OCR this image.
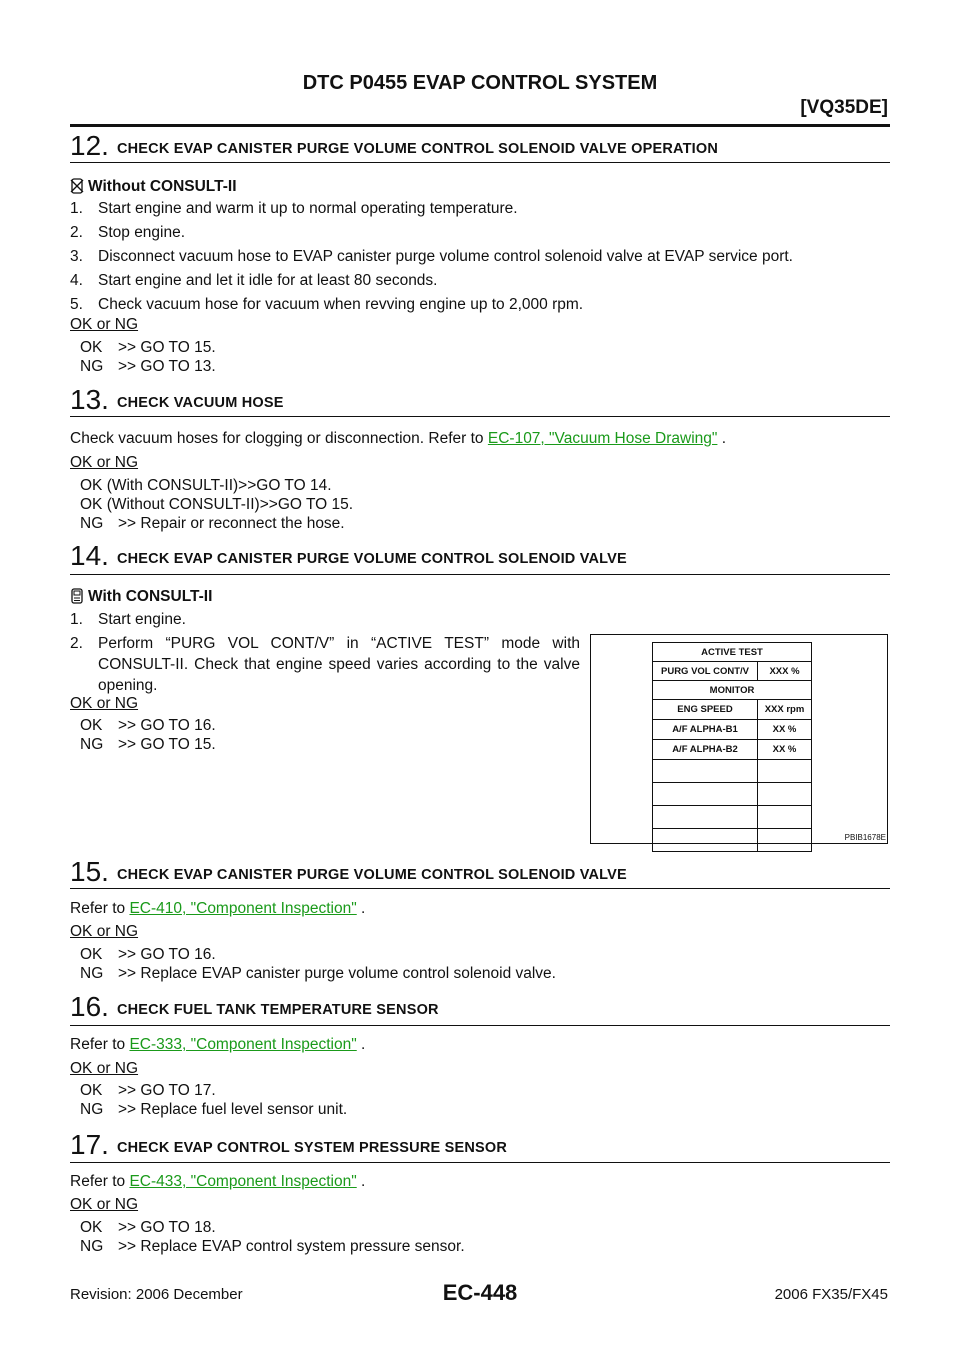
DTC P0455 EVAP CONTROL SYSTEM
[VQ35DE]
12. CHECK EVAP CANISTER PURGE VOLUME CONTROL SOLENOID VALVE OPERATION
Without CONSULT-II
1. Start engine and warm it up to normal operating temperature.
2. Stop engine.
3. Disconnect vacuum hose to EVAP canister purge volume control solenoid valve at EVAP service port.
4. Start engine and let it idle for at least 80 seconds.
5. Check vacuum hose for vacuum when revving engine up to 2,000 rpm.
OK or NG
OK >> GO TO 15.
NG >> GO TO 13.
13. CHECK VACUUM HOSE
Check vacuum hoses for clogging or disconnection. Refer to EC-107, "Vacuum Hose Drawing" .
OK or NG
OK (With CONSULT-II)>>GO TO 14.
OK (Without CONSULT-II)>>GO TO 15.
NG >> Repair or reconnect the hose.
14. CHECK EVAP CANISTER PURGE VOLUME CONTROL SOLENOID VALVE
With CONSULT-II
1. Start engine.
2. Perform “PURG VOL CONT/V” in “ACTIVE TEST” mode with CONSULT-II. Check that engine speed varies according to the valve opening.
OK or NG
OK >> GO TO 16.
NG >> GO TO 15.
ACTIVE TEST	
PURG VOL CONT/V	XXX %
MONITOR	
ENG SPEED	XXX rpm
A/F ALPHA-B1	XX %
A/F ALPHA-B2	XX %

PBIB1678E
15. CHECK EVAP CANISTER PURGE VOLUME CONTROL SOLENOID VALVE
Refer to EC-410, "Component Inspection" .
OK or NG
OK >> GO TO 16.
NG >> Replace EVAP canister purge volume control solenoid valve.
16. CHECK FUEL TANK TEMPERATURE SENSOR
Refer to EC-333, "Component Inspection" .
OK or NG
OK >> GO TO 17.
NG >> Replace fuel level sensor unit.
17. CHECK EVAP CONTROL SYSTEM PRESSURE SENSOR
Refer to EC-433, "Component Inspection" .
OK or NG
OK >> GO TO 18.
NG >> Replace EVAP control system pressure sensor.
Revision: 2006 December	EC-448	2006 FX35/FX45
